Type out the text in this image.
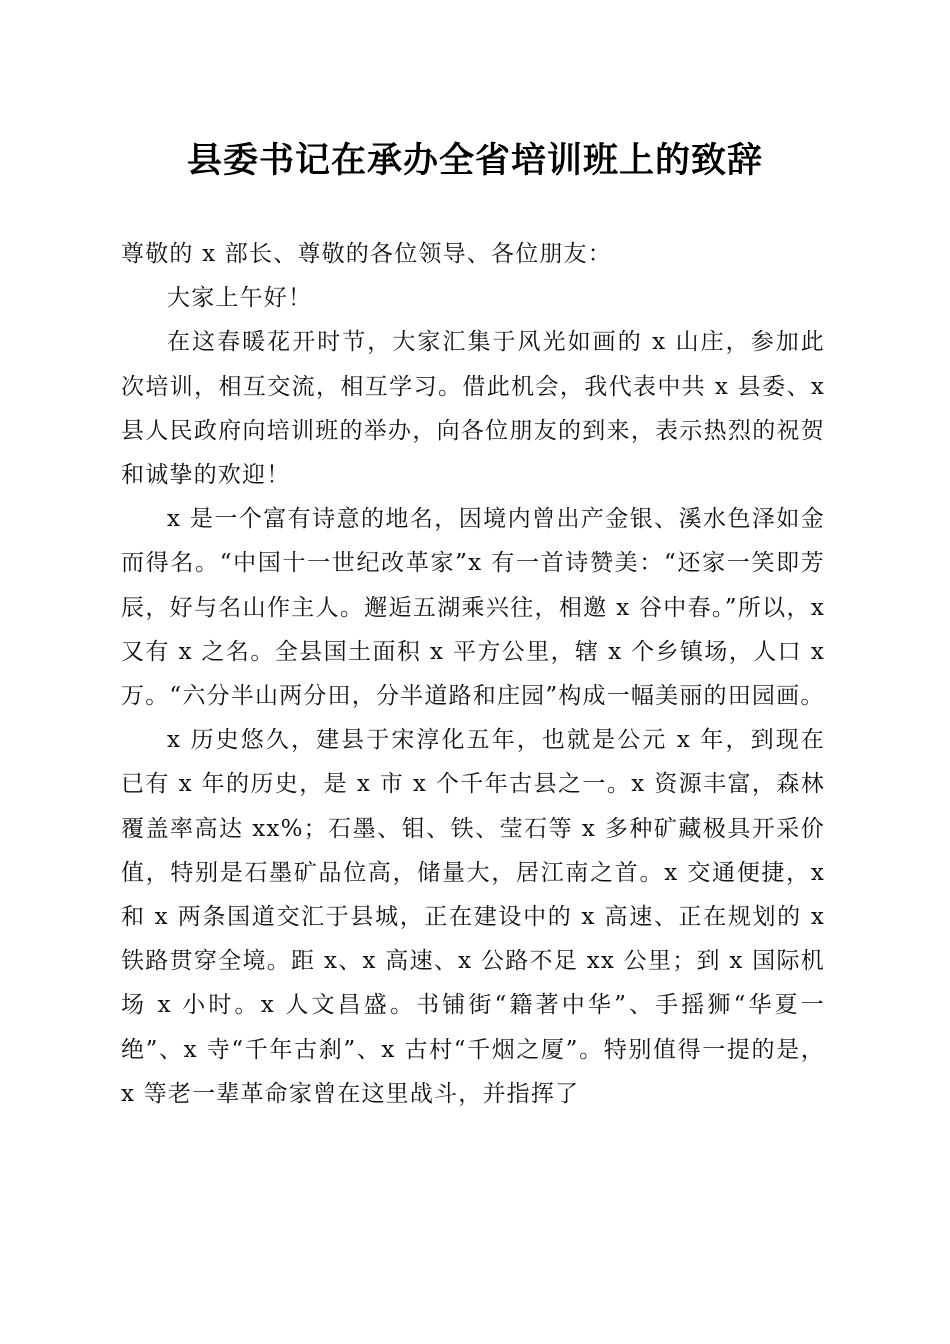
县委书记在承办全省培训班上的致辞

尊敬的 x 部长、尊敬的各位领导、各位朋友：

大家上午好！

在这春暖花开时节，大家汇集于风光如画的 x 山庄，参加此次培训，相互交流，相互学习。借此机会，我代表中共 x 县委、x 县人民政府向培训班的举办，向各位朋友的到来，表示热烈的祝贺和诚挚的欢迎！

x 是一个富有诗意的地名，因境内曾出产金银、溪水色泽如金而得名。“中国十一世纪改革家”x 有一首诗赞美：“还家一笑即芳辰，好与名山作主人。邂逅五湖乘兴往，相邀 x 谷中春。”所以，x 又有 x 之名。全县国土面积 x 平方公里，辖 x 个乡镇场，人口 x 万。“六分半山两分田，分半道路和庄园”构成一幅美丽的田园画。

x 历史悠久，建县于宋淳化五年，也就是公元 x 年，到现在已有 x 年的历史，是 x 市 x 个千年古县之一。x 资源丰富，森林覆盖率高达 xx%；石墨、钼、铁、莹石等 x 多种矿藏极具开采价值，特别是石墨矿品位高，储量大，居江南之首。x 交通便捷，x 和 x 两条国道交汇于县城，正在建设中的 x 高速、正在规划的 x 铁路贯穿全境。距 x、x 高速、x 公路不足 xx 公里；到 x 国际机场 x 小时。x 人文昌盛。书铺街“籍著中华”、手摇狮“华夏一绝”、x 寺“千年古刹”、x 古村“千烟之厦”。特别值得一提的是，x 等老一辈革命家曾在这里战斗，并指挥了
